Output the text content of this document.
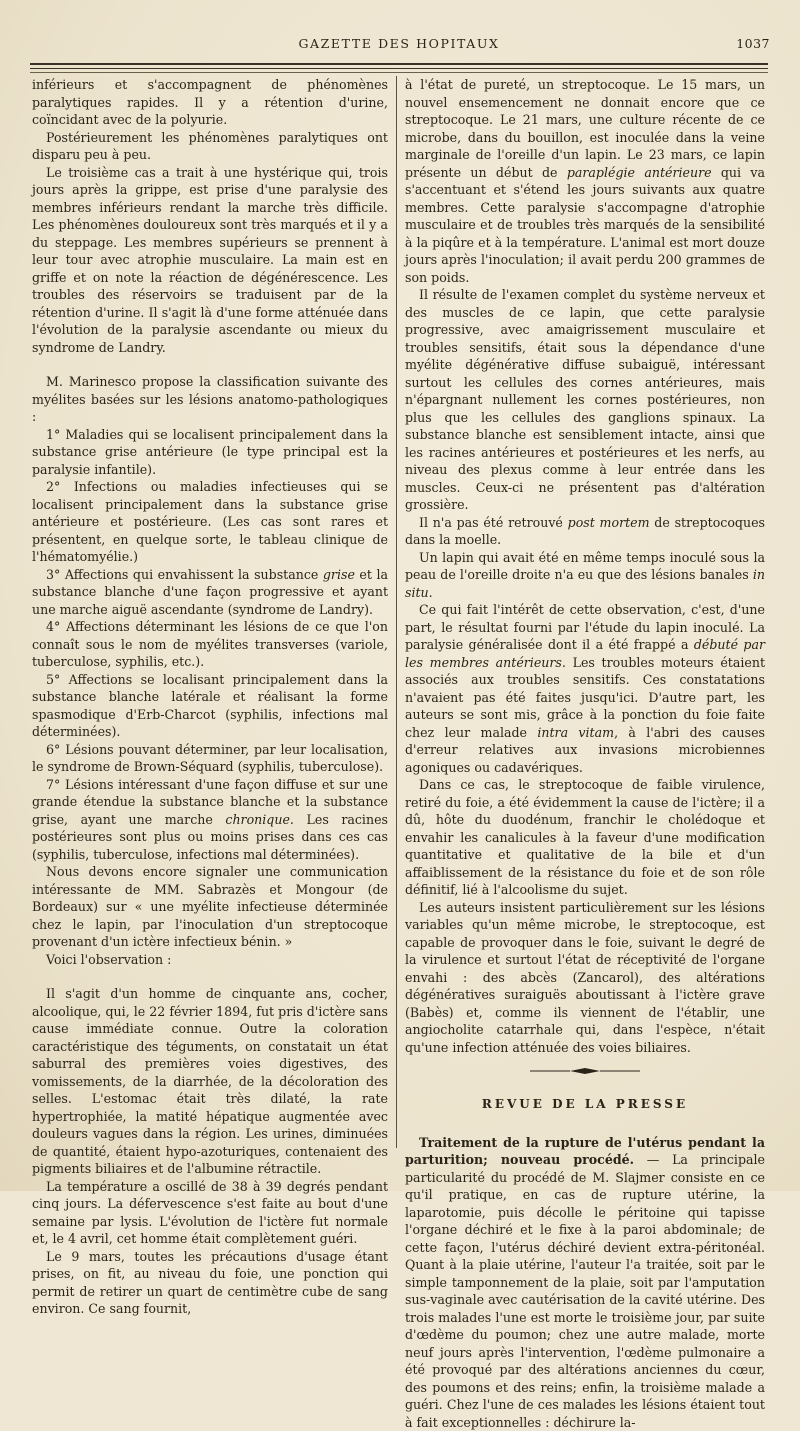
GAZETTE DES HOPITAUX	1037

inférieurs et s'accompagnent de phénomènes paralytiques rapides. Il y a rétention d'urine, coïncidant avec de la polyurie.

Postérieurement les phénomènes paralytiques ont disparu peu à peu.

Le troisième cas a trait à une hystérique qui, trois jours après la grippe, est prise d'une paralysie des membres inférieurs rendant la marche très difficile. Les phénomènes douloureux sont très marqués et il y a du steppage. Les membres supérieurs se prennent à leur tour avec atrophie musculaire. La main est en griffe et on note la réaction de dégénérescence. Les troubles des réservoirs se traduisent par de la rétention d'urine. Il s'agit là d'une forme atténuée dans l'évolution de la paralysie ascendante ou mieux du syndrome de Landry.

M. Marinesco propose la classification suivante des myélites basées sur les lésions anatomo-pathologiques :

1° Maladies qui se localisent principalement dans la substance grise antérieure (le type principal est la paralysie infantile).

2° Infections ou maladies infectieuses qui se localisent principalement dans la substance grise antérieure et postérieure. (Les cas sont rares et présentent, en quelque sorte, le tableau clinique de l'hématomyélie.)

3° Affections qui envahissent la substance grise et la substance blanche d'une façon progressive et ayant une marche aiguë ascendante (syndrome de Landry).

4° Affections déterminant les lésions de ce que l'on connaît sous le nom de myélites transverses (variole, tuberculose, syphilis, etc.).

5° Affections se localisant principalement dans la substance blanche latérale et réalisant la forme spasmodique d'Erb-Charcot (syphilis, infections mal déterminées).

6° Lésions pouvant déterminer, par leur localisation, le syndrome de Brown-Séquard (syphilis, tuberculose).

7° Lésions intéressant d'une façon diffuse et sur une grande étendue la substance blanche et la substance grise, ayant une marche chronique. Les racines postérieures sont plus ou moins prises dans ces cas (syphilis, tuberculose, infections mal déterminées).

Nous devons encore signaler une communication intéressante de MM. Sabrazès et Mongour (de Bordeaux) sur « une myélite infectieuse déterminée chez le lapin, par l'inoculation d'un streptocoque provenant d'un ictère infectieux bénin. »

Voici l'observation :

Il s'agit d'un homme de cinquante ans, cocher, alcoolique, qui, le 22 février 1894, fut pris d'ictère sans cause immédiate connue. Outre la coloration caractéristique des téguments, on constatait un état saburral des premières voies digestives, des vomissements, de la diarrhée, de la décoloration des selles. L'estomac était très dilaté, la rate hypertrophiée, la matité hépatique augmentée avec douleurs vagues dans la région. Les urines, diminuées de quantité, étaient hypo-azoturiques, contenaient des pigments biliaires et de l'albumine rétractile.

La température a oscillé de 38 à 39 degrés pendant cinq jours. La défervescence s'est faite au bout d'une semaine par lysis. L'évolution de l'ictère fut normale et, le 4 avril, cet homme était complètement guéri.

Le 9 mars, toutes les précautions d'usage étant prises, on fit, au niveau du foie, une ponction qui permit de retirer un quart de centimètre cube de sang environ. Ce sang fournit,

à l'état de pureté, un streptocoque. Le 15 mars, un nouvel ensemencement ne donnait encore que ce streptocoque. Le 21 mars, une culture récente de ce microbe, dans du bouillon, est inoculée dans la veine marginale de l'oreille d'un lapin. Le 23 mars, ce lapin présente un début de paraplégie antérieure qui va s'accentuant et s'étend les jours suivants aux quatre membres. Cette paralysie s'accompagne d'atrophie musculaire et de troubles très marqués de la sensibilité à la piqûre et à la température. L'animal est mort douze jours après l'inoculation; il avait perdu 200 grammes de son poids.

Il résulte de l'examen complet du système nerveux et des muscles de ce lapin, que cette paralysie progressive, avec amaigrissement musculaire et troubles sensitifs, était sous la dépendance d'une myélite dégénérative diffuse subaiguë, intéressant surtout les cellules des cornes antérieures, mais n'épargnant nullement les cornes postérieures, non plus que les cellules des ganglions spinaux. La substance blanche est sensiblement intacte, ainsi que les racines antérieures et postérieures et les nerfs, au niveau des plexus comme à leur entrée dans les muscles. Ceux-ci ne présentent pas d'altération grossière.

Il n'a pas été retrouvé post mortem de streptocoques dans la moelle.

Un lapin qui avait été en même temps inoculé sous la peau de l'oreille droite n'a eu que des lésions banales in situ.

Ce qui fait l'intérêt de cette observation, c'est, d'une part, le résultat fourni par l'étude du lapin inoculé. La paralysie généralisée dont il a été frappé a débuté par les membres antérieurs. Les troubles moteurs étaient associés aux troubles sensitifs. Ces constatations n'avaient pas été faites jusqu'ici. D'autre part, les auteurs se sont mis, grâce à la ponction du foie faite chez leur malade intra vitam, à l'abri des causes d'erreur relatives aux invasions microbiennes agoniques ou cadavériques.

Dans ce cas, le streptocoque de faible virulence, retiré du foie, a été évidemment la cause de l'ictère; il a dû, hôte du duodénum, franchir le cholédoque et envahir les canalicules à la faveur d'une modification quantitative et qualitative de la bile et d'un affaiblissement de la résistance du foie et de son rôle définitif, lié à l'alcoolisme du sujet.

Les auteurs insistent particulièrement sur les lésions variables qu'un même microbe, le streptocoque, est capable de provoquer dans le foie, suivant le degré de la virulence et surtout l'état de réceptivité de l'organe envahi : des abcès (Zancarol), des altérations dégénératives suraiguës aboutissant à l'ictère grave (Babès) et, comme ils viennent de l'établir, une angiocholite catarrhale qui, dans l'espèce, n'était qu'une infection atténuée des voies biliaires.

REVUE DE LA PRESSE

Traitement de la rupture de l'utérus pendant la parturition; nouveau procédé. — La principale particularité du procédé de M. Slajmer consiste en ce qu'il pratique, en cas de rupture utérine, la laparotomie, puis décolle le péritoine qui tapisse l'organe déchiré et le fixe à la paroi abdominale; de cette façon, l'utérus déchiré devient extra-péritonéal. Quant à la plaie utérine, l'auteur l'a traitée, soit par le simple tamponnement de la plaie, soit par l'amputation sus-vaginale avec cautérisation de la cavité utérine. Des trois malades l'une est morte le troisième jour, par suite d'œdème du poumon; chez une autre malade, morte neuf jours après l'intervention, l'œdème pulmonaire a été provoqué par des altérations anciennes du cœur, des poumons et des reins; enfin, la troisième malade a guéri. Chez l'une de ces malades les lésions étaient tout à fait exceptionnelles : déchirure la-
